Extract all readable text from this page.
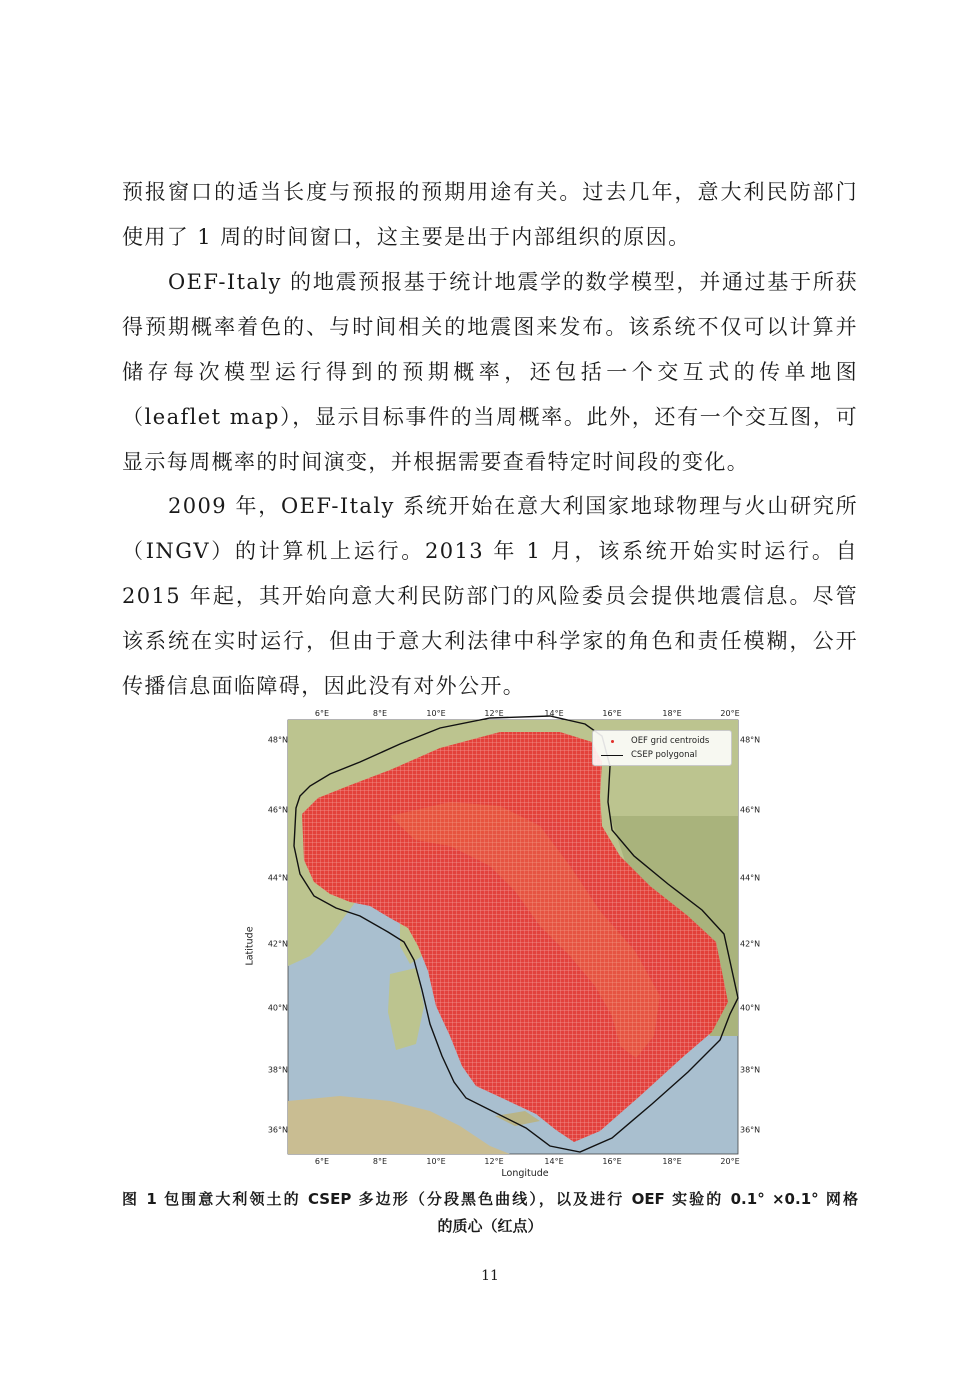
预报窗口的适当长度与预报的预期用途有关。过去几年，意大利民防部门使用了 1 周的时间窗口，这主要是出于内部组织的原因。

OEF-Italy 的地震预报基于统计地震学的数学模型，并通过基于所获得预期概率着色的、与时间相关的地震图来发布。该系统不仅可以计算并储存每次模型运行得到的预期概率，还包括一个交互式的传单地图（leaflet map），显示目标事件的当周概率。此外，还有一个交互图，可显示每周概率的时间演变，并根据需要查看特定时间段的变化。

2009 年，OEF-Italy 系统开始在意大利国家地球物理与火山研究所（INGV）的计算机上运行。2013 年 1 月，该系统开始实时运行。自 2015 年起，其开始向意大利民防部门的风险委员会提供地震信息。尽管该系统在实时运行，但由于意大利法律中科学家的角色和责任模糊，公开传播信息面临障碍，因此没有对外公开。

6°E	8°E	10°E	12°E	14°E	16°E	18°E	20°E
6°E	8°E	10°E	12°E	14°E	16°E	18°E	20°E
48°N
46°N
44°N
42°N
40°N
38°N
36°N
48°N
46°N
44°N
42°N
40°N
38°N
36°N
Longitude
Latitude
OEF grid centroids
CSEP polygonal

图 1 包围意大利领土的 CSEP 多边形（分段黑色曲线），以及进行 OEF 实验的 0.1° ×0.1° 网格
的质心（红点）

11
